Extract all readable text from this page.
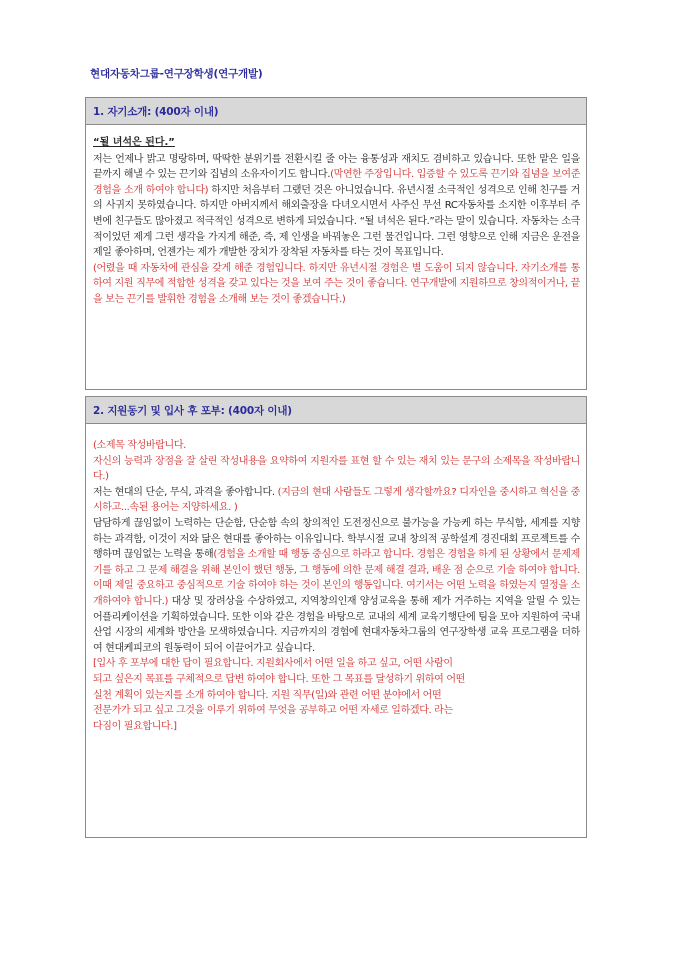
현대자동차그룹-연구장학생(연구개발)
1. 자기소개: (400자 이내)

“될 녀석은 된다.”

저는 언제나 밝고 명랑하며, 딱딱한 분위기를 전환시킬 줄 아는 융통성과 재치도 겸비하고 있습니다. 또한 맡은 일을 끝까지 해낼 수 있는 끈기와 집념의 소유자이기도 합니다.(막연한 주장입니다. 입증할 수 있도록 끈기와 집념을 보여준 경험을 소개 하여야 합니다) 하지만 처음부터 그랬던 것은 아니었습니다. 유년시절 소극적인 성격으로 인해 친구를 거의 사귀지 못하였습니다. 하지만 아버지께서 해외출장을 다녀오시면서 사주신 무선 RC자동차를 소지한 이후부터 주변에 친구들도 많아졌고 적극적인 성격으로 변하게 되었습니다. “될 녀석은 된다.”라는 말이 있습니다. 자동차는 소극적이었던 제게 그런 생각을 가지게 해준, 즉, 제 인생을 바꿔놓은 그런 물건입니다. 그런 영향으로 인해 지금은 운전을 제일 좋아하며, 언젠가는 제가 개발한 장치가 장착된 자동차를 타는 것이 목표입니다.

(어렸을 때 자동차에 관심을 갖게 해준 경험입니다. 하지만 유년시절 경험은 별 도움이 되지 않습니다. 자기소개를 통하여 지원 직무에 적합한 성격을 갖고 있다는 것을 보여 주는 것이 좋습니다. 연구개발에 지원하므로 창의적이거나, 끝을 보는 끈기를 발휘한 경험을 소개해 보는 것이 좋겠습니다.)

2. 지원동기 및 입사 후 포부: (400자 이내)

(소제목 작성바랍니다.
자신의 능력과 장점을 잘 살린 작성내용을 요약하여 지원자를 표현 할 수 있는 재치 있는 문구의 소제목을 작성바랍니다.)

저는 현대의 단순, 무식, 과격을 좋아합니다. (지금의 현대 사람들도 그렇게 생각할까요? 디자인을 중시하고 혁신을 중시하고...속된 용어는 지양하세요. )

담담하게 끊임없이 노력하는 단순함, 단순함 속의 창의적인 도전정신으로 불가능을 가능케 하는 무식함, 세계를 지향하는 과격함, 이것이 저와 닮은 현대를 좋아하는 이유입니다. 학부시절 교내 창의적 공학설계 경진대회 프로젝트를 수행하며 끊임없는 노력을 통해(경험을 소개할 때 행동 중심으로 하라고 합니다. 경험은 경험을 하게 된 상황에서 문제제기를 하고 그 문제 해결을 위해 본인이 했던 행동, 그 행동에 의한 문제 해결 결과, 배운 점 순으로 기술 하여야 합니다. 이때 제일 중요하고 중심적으로 기술 하여야 하는 것이 본인의 행동입니다. 여기서는 어떤 노력을 하였는지 열정을 소개하여야 합니다.) 대상 및 장려상을 수상하였고, 지역창의인재 양성교육을 통해 제가 거주하는 지역을 알릴 수 있는 어플리케이션을 기획하였습니다. 또한 이와 같은 경험을 바탕으로 교내의 세계 교육기행단에 팀을 모아 지원하여 국내산업 시장의 세계화 방안을 모색하였습니다. 지금까지의 경험에 현대자동차그룹의 연구장학생 교육 프로그램을 더하여 현대케피코의 원동력이 되어 이끌어가고 싶습니다.

[입사 후 포부에 대한 답이 필요합니다. 지원회사에서 어떤 일을 하고 싶고, 어떤 사람이
되고 싶은지 목표를 구체적으로 답변 하여야 합니다. 또한 그 목표를 달성하기 위하여 어떤
실천 계획이 있는지를 소개 하여야 합니다. 지원 직무(일)와 관련 어떤 분야에서 어떤
전문가가 되고 싶고 그것을 이루기 위하여 무엇을 공부하고 어떤 자세로 일하겠다. 라는
다짐이 필요합니다.]
